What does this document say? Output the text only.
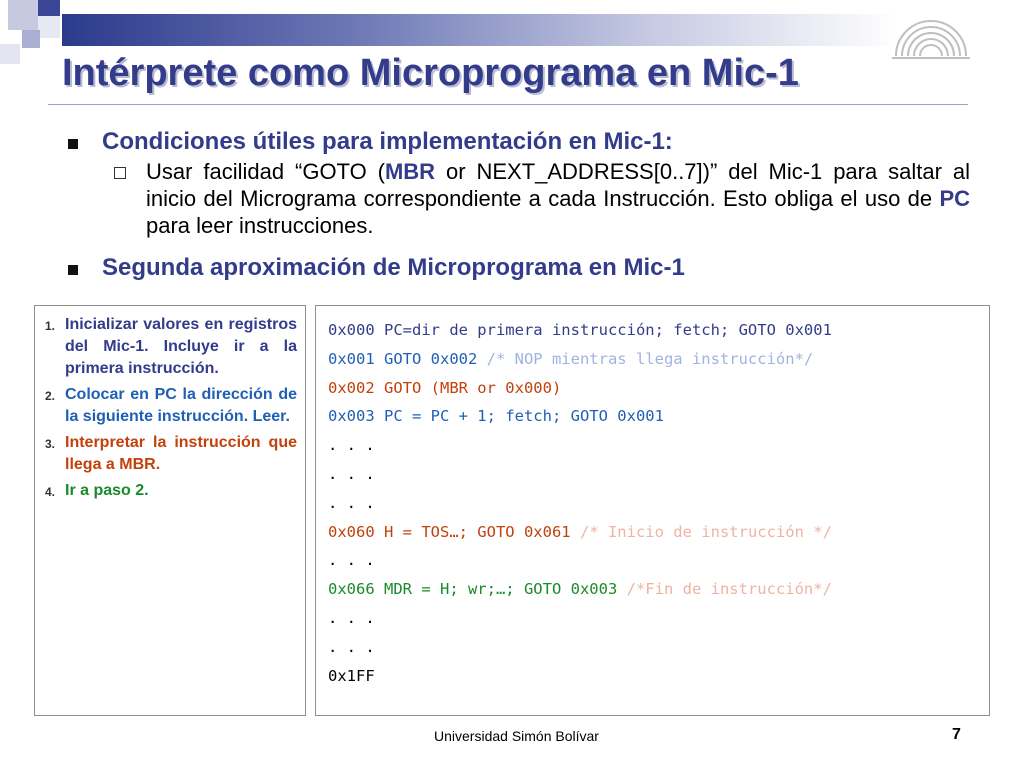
Intérprete como Microprograma en Mic-1
Condiciones útiles para implementación en Mic-1:
Usar facilidad “GOTO (MBR or NEXT_ADDRESS[0..7])” del Mic-1 para saltar al inicio del Micrograma correspondiente a cada Instrucción. Esto obliga el uso de PC para leer instrucciones.
Segunda aproximación de Microprograma en Mic-1
1. Inicializar valores en registros del Mic-1. Incluye ir a la primera instrucción.
2. Colocar en PC la dirección de la siguiente instrucción. Leer.
3. Interpretar la instrucción que llega a MBR.
4. Ir a paso 2.
0x000 PC=dir de primera instrucción; fetch; GOTO 0x001
0x001 GOTO 0x002 /* NOP mientras llega instrucción*/
0x002 GOTO (MBR or 0x000)
0x003 PC = PC + 1; fetch; GOTO 0x001
. . .
. . .
. . .
0x060 H = TOS…; GOTO 0x061 /* Inicio de instrucción */
. . .
0x066 MDR = H; wr;…; GOTO 0x003 /*Fin de instrucción*/
. . .
. . .
0x1FF
Universidad Simón Bolívar	7
